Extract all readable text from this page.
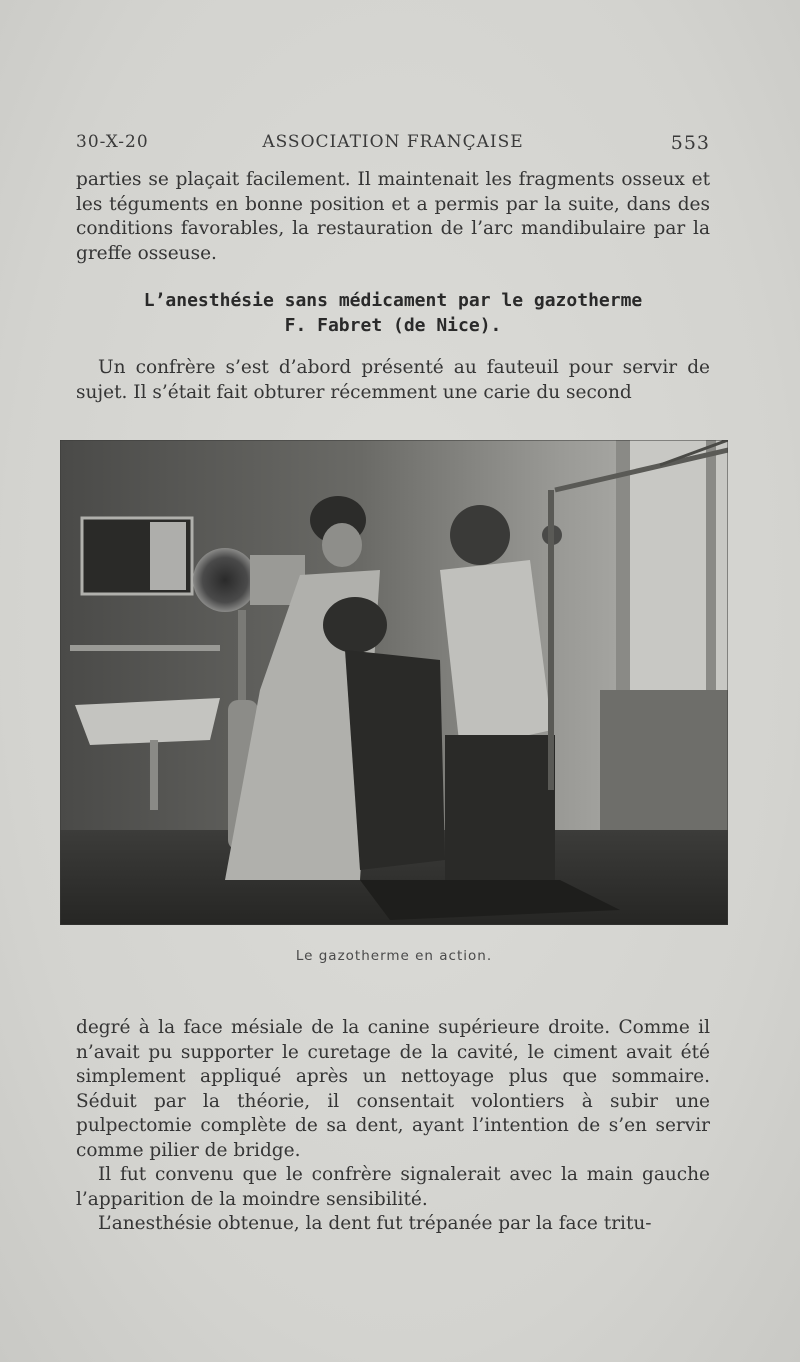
30-X-20	ASSOCIATION FRANÇAISE	553

parties se plaçait facilement. Il maintenait les fragments osseux et les téguments en bonne position et a permis par la suite, dans des conditions favorables, la restauration de l’arc mandibulaire par la greffe osseuse.

L’anesthésie sans médicament par le gazotherme
F. Fabret (de Nice).

Un confrère s’est d’abord présenté au fauteuil pour servir de sujet. Il s’était fait obturer récemment une carie du second

Le gazotherme en action.

degré à la face mésiale de la canine supérieure droite. Comme il n’avait pu supporter le curetage de la cavité, le ciment avait été simplement appliqué après un nettoyage plus que sommaire. Séduit par la théorie, il consentait volontiers à subir une pulpectomie complète de sa dent, ayant l’intention de s’en servir comme pilier de bridge.

Il fut convenu que le confrère signalerait avec la main gauche l’apparition de la moindre sensibilité.

L’anesthésie obtenue, la dent fut trépanée par la face tritu-
